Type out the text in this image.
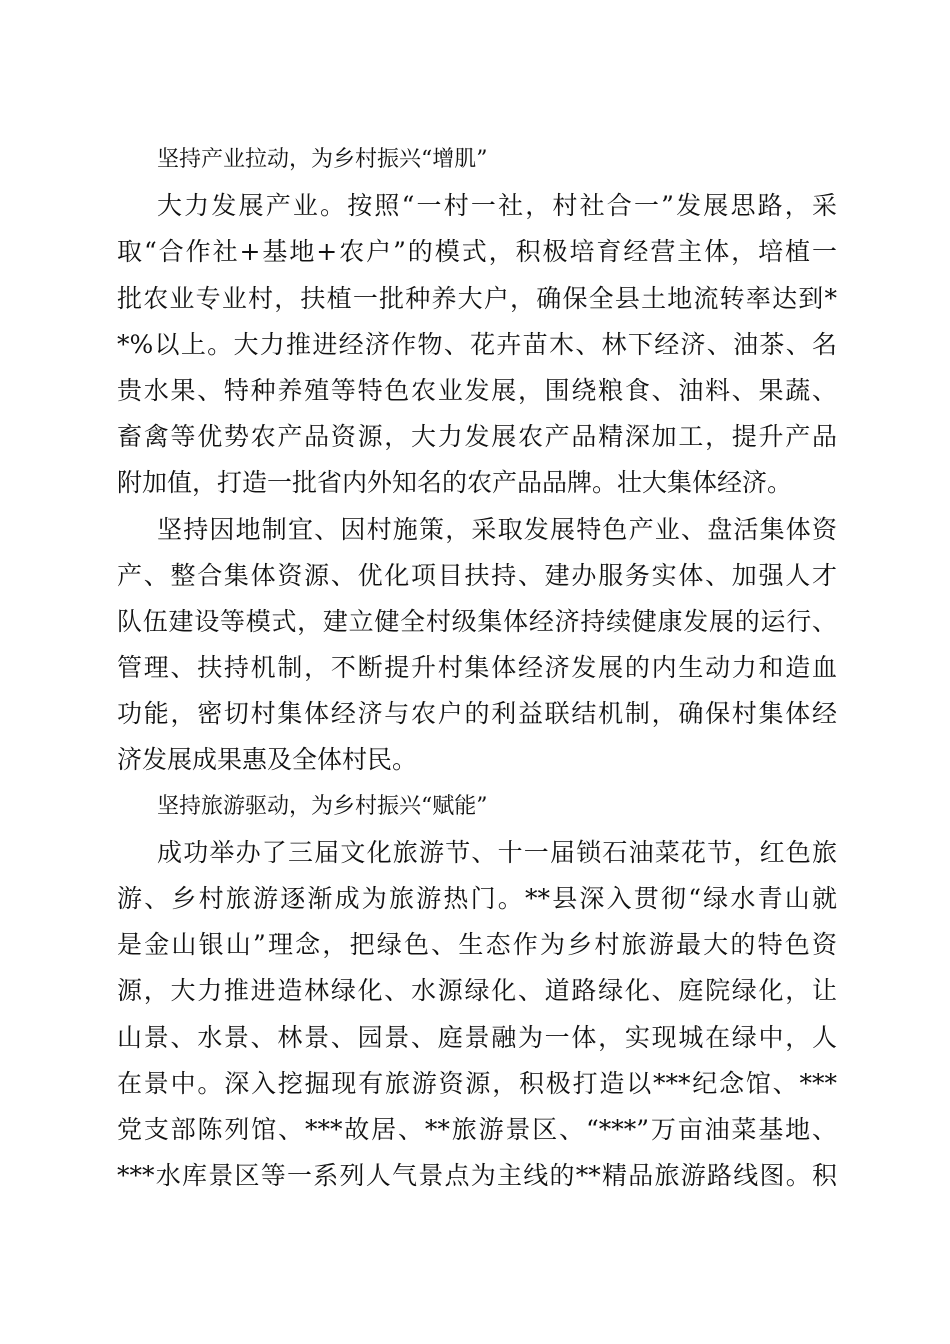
坚持产业拉动，为乡村振兴“增肌”
大力发展产业。按照“一村一社，村社合一”发展思路，采
取“合作社+基地+农户”的模式，积极培育经营主体，培植一
批农业专业村，扶植一批种养大户，确保全县土地流转率达到*
*%以上。大力推进经济作物、花卉苗木、林下经济、油茶、名
贵水果、特种养殖等特色农业发展，围绕粮食、油料、果蔬、
畜禽等优势农产品资源，大力发展农产品精深加工，提升产品
附加值，打造一批省内外知名的农产品品牌。壮大集体经济。
坚持因地制宜、因村施策，采取发展特色产业、盘活集体资
产、整合集体资源、优化项目扶持、建办服务实体、加强人才
队伍建设等模式，建立健全村级集体经济持续健康发展的运行、
管理、扶持机制，不断提升村集体经济发展的内生动力和造血
功能，密切村集体经济与农户的利益联结机制，确保村集体经
济发展成果惠及全体村民。
坚持旅游驱动，为乡村振兴“赋能”
成功举办了三届文化旅游节、十一届锁石油菜花节，红色旅
游、乡村旅游逐渐成为旅游热门。**县深入贯彻“绿水青山就
是金山银山”理念，把绿色、生态作为乡村旅游最大的特色资
源，大力推进造林绿化、水源绿化、道路绿化、庭院绿化，让
山景、水景、林景、园景、庭景融为一体，实现城在绿中，人
在景中。深入挖掘现有旅游资源，积极打造以***纪念馆、***
党支部陈列馆、***故居、**旅游景区、“***”万亩油菜基地、
***水库景区等一系列人气景点为主线的**精品旅游路线图。积
